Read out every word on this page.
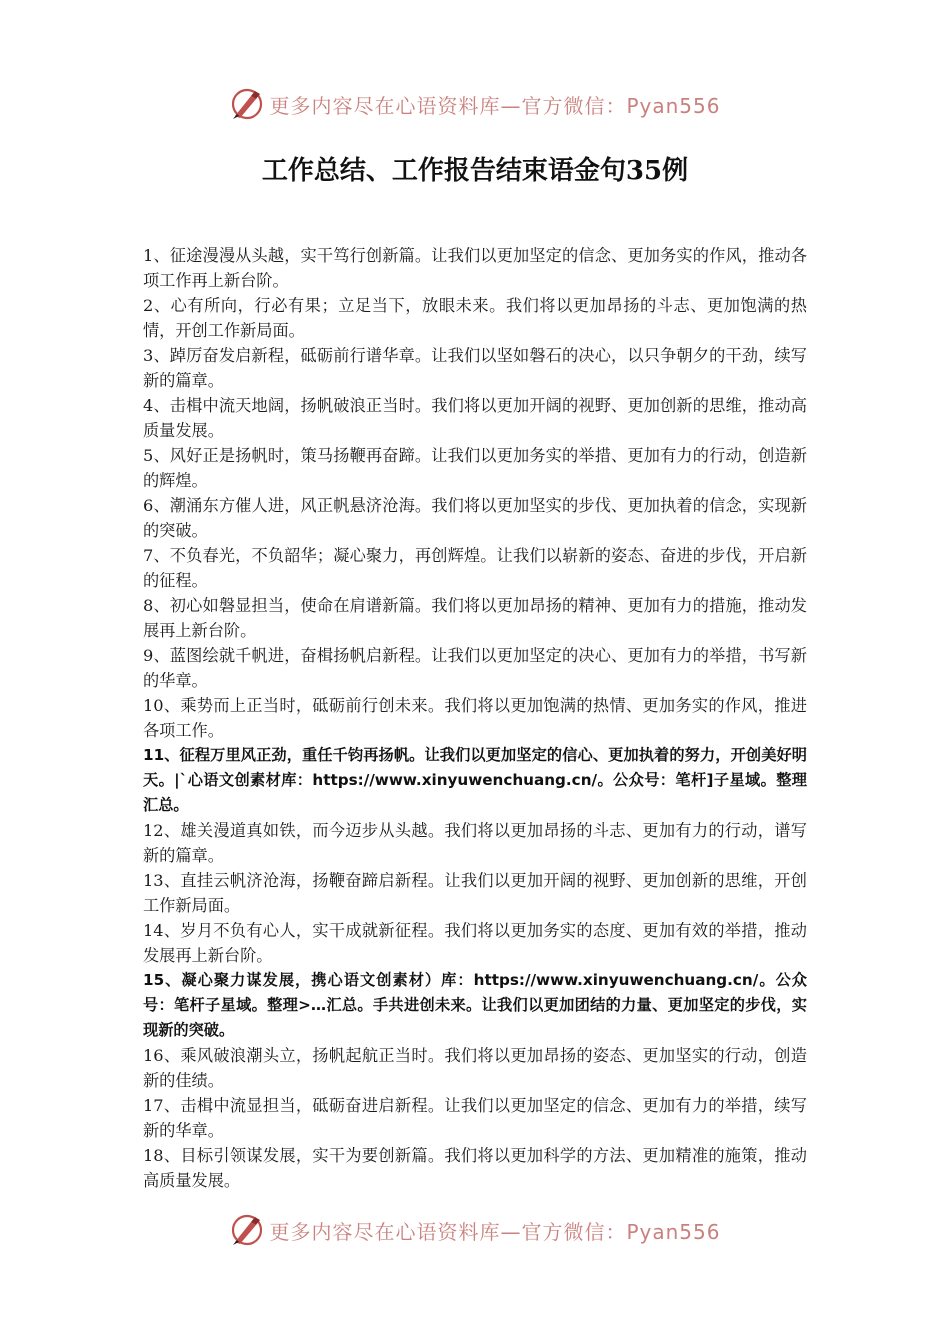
更多内容尽在心语资料库—官方微信：Pyan556
工作总结、工作报告结束语金句35例
1、征途漫漫从头越，实干笃行创新篇。让我们以更加坚定的信念、更加务实的作风，推动各项工作再上新台阶。
2、心有所向，行必有果；立足当下，放眼未来。我们将以更加昂扬的斗志、更加饱满的热情，开创工作新局面。
3、踔厉奋发启新程，砥砺前行谱华章。让我们以坚如磐石的决心，以只争朝夕的干劲，续写新的篇章。
4、击楫中流天地阔，扬帆破浪正当时。我们将以更加开阔的视野、更加创新的思维，推动高质量发展。
5、风好正是扬帆时，策马扬鞭再奋蹄。让我们以更加务实的举措、更加有力的行动，创造新的辉煌。
6、潮涌东方催人进，风正帆悬济沧海。我们将以更加坚实的步伐、更加执着的信念，实现新的突破。
7、不负春光，不负韶华；凝心聚力，再创辉煌。让我们以崭新的姿态、奋进的步伐，开启新的征程。
8、初心如磐显担当，使命在肩谱新篇。我们将以更加昂扬的精神、更加有力的措施，推动发展再上新台阶。
9、蓝图绘就千帆进，奋楫扬帆启新程。让我们以更加坚定的决心、更加有力的举措，书写新的华章。
10、乘势而上正当时，砥砺前行创未来。我们将以更加饱满的热情、更加务实的作风，推进各项工作。
11、征程万里风正劲，重任千钧再扬帆。让我们以更加坚定的信心、更加执着的努力，开创美好明天。|`心语文创素材库：https://www.xinyuwenchuang.cn/。公众号：笔杆]子星域。整理汇总。
12、雄关漫道真如铁，而今迈步从头越。我们将以更加昂扬的斗志、更加有力的行动，谱写新的篇章。
13、直挂云帆济沧海，扬鞭奋蹄启新程。让我们以更加开阔的视野、更加创新的思维，开创工作新局面。
14、岁月不负有心人，实干成就新征程。我们将以更加务实的态度、更加有效的举措，推动发展再上新台阶。
15、凝心聚力谋发展，携心语文创素材）库：https://www.xinyuwenchuang.cn/。公众号：笔杆子星域。整理>…汇总。手共进创未来。让我们以更加团结的力量、更加坚定的步伐，实现新的突破。
16、乘风破浪潮头立，扬帆起航正当时。我们将以更加昂扬的姿态、更加坚实的行动，创造新的佳绩。
17、击楫中流显担当，砥砺奋进启新程。让我们以更加坚定的信念、更加有力的举措，续写新的华章。
18、目标引领谋发展，实干为要创新篇。我们将以更加科学的方法、更加精准的施策，推动高质量发展。
更多内容尽在心语资料库—官方微信：Pyan556
